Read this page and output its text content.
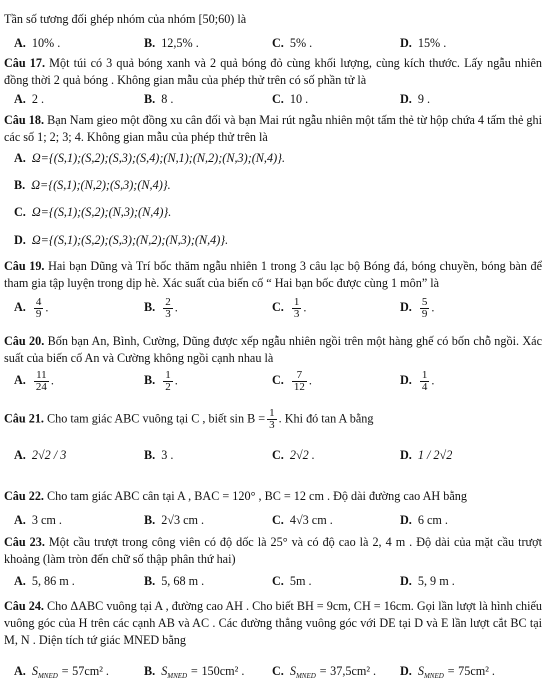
Tần số tương đối ghép nhóm của nhóm [50;60) là
A. 10% .	B. 12,5% .	C. 5% .	D. 15% .
Câu 17. Một túi có 3 quả bóng xanh và 2 quả bóng đỏ cùng khối lượng, cùng kích thước. Lấy ngẫu nhiên đồng thời 2 quả bóng . Không gian mẫu của phép thử trên có số phần tử là
A. 2 .	B. 8 .	C. 10 .	D. 9 .
Câu 18. Bạn Nam gieo một đồng xu cân đối và bạn Mai rút ngẫu nhiên một tấm thẻ từ hộp chứa 4 tấm thẻ ghi các số 1; 2; 3; 4. Không gian mẫu của phép thử trên là
A. Ω={(S,1);(S,2);(S,3);(S,4);(N,1);(N,2);(N,3);(N,4)}.
B. Ω={(S,1);(N,2);(S,3);(N,4)}.
C. Ω={(S,1);(S,2);(N,3);(N,4)}.
D. Ω={(S,1);(S,2);(S,3);(N,2);(N,3);(N,4)}.
Câu 19. Hai bạn Dũng và Trí bốc thăm ngẫu nhiên 1 trong 3 câu lạc bộ Bóng đá, bóng chuyền, bóng bàn để tham gia tập luyện trong dịp hè. Xác suất của biến cố “ Hai bạn bốc được cùng 1 môn” là
A. $\frac{4}{9}$ .	B. $\frac{2}{3}$ .	C. $\frac{1}{3}$ .	D. $\frac{5}{9}$ .
Câu 20. Bốn bạn An, Bình, Cường, Dũng được xếp ngẫu nhiên ngồi trên một hàng ghế có bốn chỗ ngồi. Xác suất của biến cố An và Cường không ngồi cạnh nhau là
A. $\frac{11}{24}$ .	B. $\frac{1}{2}$ .	C. $\frac{7}{12}$ .	D. $\frac{1}{4}$ .
Câu 21. Cho tam giác ABC vuông tại C , biết $\sin B = \frac{1}{3}$ . Khi đó tan A bằng
A. 2√2 / 3	B. 3 .	C. 2√2 .	D. 1 / 2√2
Câu 22. Cho tam giác ABC cân tại A , BAC = 120° , BC = 12 cm . Độ dài đường cao AH bằng
A. 3 cm .	B. 2√3 cm .	C. 4√3 cm .	D. 6 cm .
Câu 23. Một cầu trượt trong công viên có độ dốc là 25° và có độ cao là 2, 4 m . Độ dài của mặt cầu trượt khoảng (làm tròn đến chữ số thập phân thứ hai)
A. 5, 86 m .	B. 5, 68 m .	C. 5m .	D. 5, 9 m .
Câu 24. Cho ΔABC vuông tại A , đường cao AH . Cho biết BH = 9cm, CH = 16cm. Gọi lần lượt là hình chiếu vuông góc của H trên các cạnh AB và AC . Các đường thẳng vuông góc với DE tại D và E lần lượt cắt BC tại M, N . Diện tích tứ giác MNED bằng
A. $S_{MNED} = 57cm^2$ .	B. $S_{MNED} = 150cm^2$ . C. $S_{MNED} = 37,5cm^2$ . D. $S_{MNED} = 75cm^2$ .
